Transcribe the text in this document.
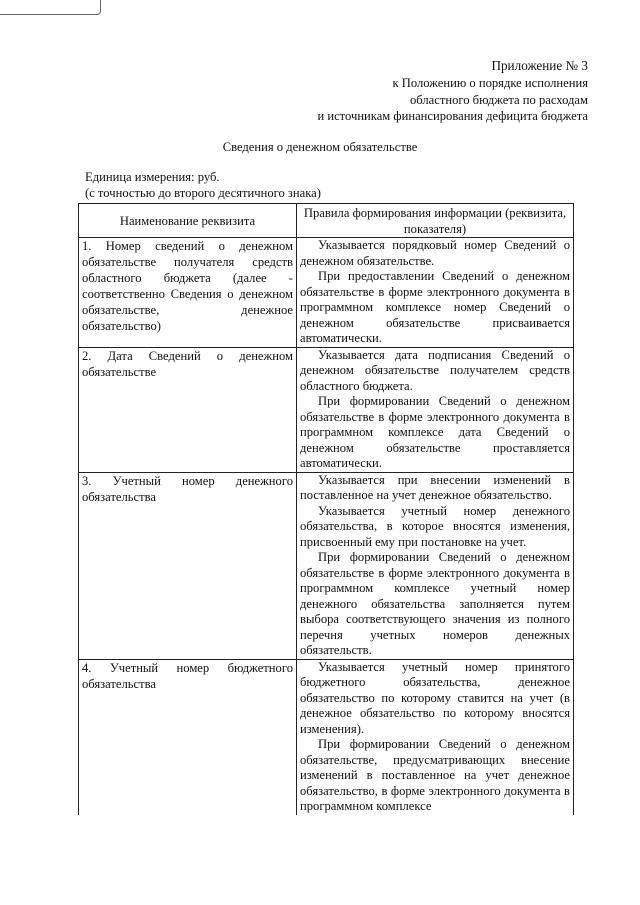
Приложение № 3
к Положению о порядке исполнения
областного бюджета по расходам
и источникам финансирования дефицита бюджета
Сведения о денежном обязательстве
Единица измерения: руб.
(с точностью до второго десятичного знака)
Наименование реквизита	Правила формирования информации (реквизита, показателя)
1. Номер сведений о денежном обязательстве получателя средств областного бюджета (далее - соответственно Сведения о денежном обязательстве, денежное обязательство)	Указывается порядковый номер Сведений о денежном обязательстве.

При предоставлении Сведений о денежном обязательстве в форме электронного документа в программном комплексе номер Сведений о денежном обязательстве присваивается автоматически.

2. Дата Сведений о денежном обязательстве	Указывается дата подписания Сведений о денежном обязательстве получателем средств областного бюджета.

При формировании Сведений о денежном обязательстве в форме электронного документа в программном комплексе дата Сведений о денежном обязательстве проставляется автоматически.

3. Учетный номер денежного обязательства	Указывается при внесении изменений в поставленное на учет денежное обязательство.

Указывается учетный номер денежного обязательства, в которое вносятся изменения, присвоенный ему при постановке на учет.

При формировании Сведений о денежном обязательстве в форме электронного документа в программном комплексе учетный номер денежного обязательства заполняется путем выбора соответствующего значения из полного перечня учетных номеров денежных обязательств.

4. Учетный номер бюджетного обязательства	Указывается учетный номер принятого бюджетного обязательства, денежное обязательство по которому ставится на учет (в денежное обязательство по которому вносятся изменения).

При формировании Сведений о денежном обязательстве, предусматривающих внесение изменений в поставленное на учет денежное обязательство, в форме электронного документа в программном комплексе
